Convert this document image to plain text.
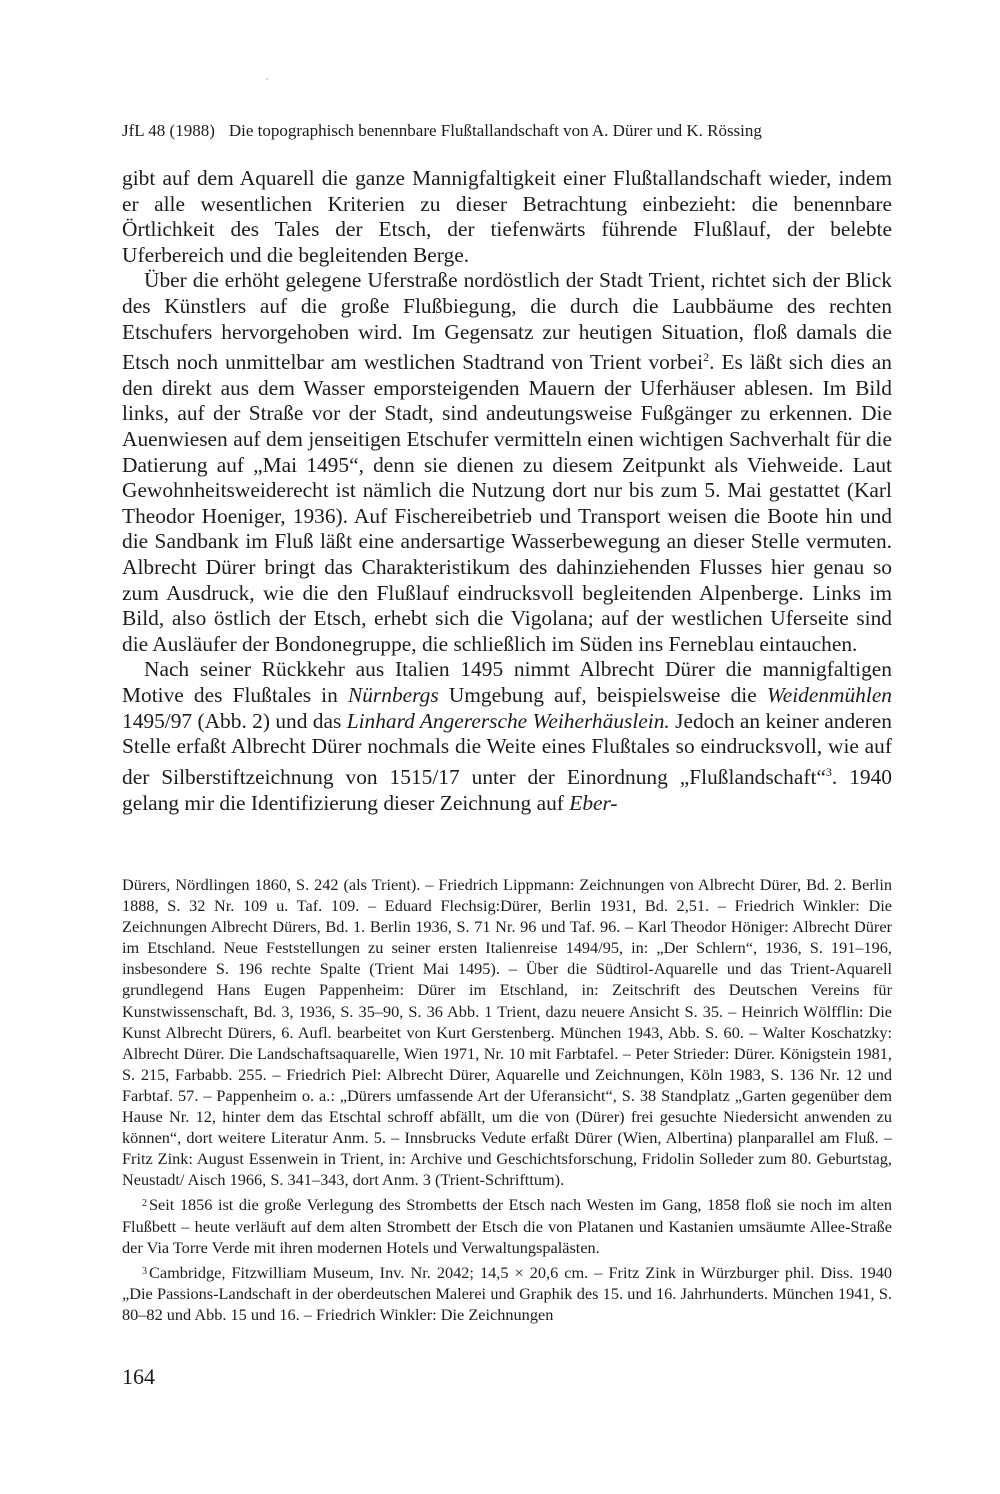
JfL 48 (1988) Die topographisch benennbare Flußtallandschaft von A. Dürer und K. Rössing

gibt auf dem Aquarell die ganze Mannigfaltigkeit einer Flußtallandschaft wieder, indem er alle wesentlichen Kriterien zu dieser Betrachtung einbezieht: die benennbare Örtlichkeit des Tales der Etsch, der tiefenwärts führende Flußlauf, der belebte Uferbereich und die begleitenden Berge.

Über die erhöht gelegene Uferstraße nordöstlich der Stadt Trient, richtet sich der Blick des Künstlers auf die große Flußbiegung, die durch die Laubbäume des rechten Etschufers hervorgehoben wird. Im Gegensatz zur heutigen Situation, floß damals die Etsch noch unmittelbar am westlichen Stadtrand von Trient vorbei$^2$. Es läßt sich dies an den direkt aus dem Wasser emporsteigenden Mauern der Uferhäuser ablesen. Im Bild links, auf der Straße vor der Stadt, sind andeutungsweise Fußgänger zu erkennen. Die Auenwiesen auf dem jenseitigen Etschufer vermitteln einen wichtigen Sachverhalt für die Datierung auf „Mai 1495“, denn sie dienen zu diesem Zeitpunkt als Viehweide. Laut Gewohnheitsweiderecht ist nämlich die Nutzung dort nur bis zum 5. Mai gestattet (Karl Theodor Hoeniger, 1936). Auf Fischereibetrieb und Transport weisen die Boote hin und die Sandbank im Fluß läßt eine andersartige Wasserbewegung an dieser Stelle vermuten. Albrecht Dürer bringt das Charakteristikum des dahinziehenden Flusses hier genau so zum Ausdruck, wie die den Flußlauf eindrucksvoll begleitenden Alpenberge. Links im Bild, also östlich der Etsch, erhebt sich die Vigolana; auf der westlichen Uferseite sind die Ausläufer der Bondonegruppe, die schließlich im Süden ins Ferneblau eintauchen.

Nach seiner Rückkehr aus Italien 1495 nimmt Albrecht Dürer die mannigfaltigen Motive des Flußtales in Nürnbergs Umgebung auf, beispielsweise die Weidenmühlen 1495/97 (Abb. 2) und das Linhard Angerersche Weiherhäuslein. Jedoch an keiner anderen Stelle erfaßt Albrecht Dürer nochmals die Weite eines Flußtales so eindrucksvoll, wie auf der Silberstiftzeichnung von 1515/17 unter der Einordnung „Flußlandschaft“$^3$. 1940 gelang mir die Identifizierung dieser Zeichnung auf Eber-

Dürers, Nördlingen 1860, S. 242 (als Trient). – Friedrich Lippmann: Zeichnungen von Albrecht Dürer, Bd. 2. Berlin 1888, S. 32 Nr. 109 u. Taf. 109. – Eduard Flechsig:Dürer, Berlin 1931, Bd. 2,51. – Friedrich Winkler: Die Zeichnungen Albrecht Dürers, Bd. 1. Berlin 1936, S. 71 Nr. 96 und Taf. 96. – Karl Theodor Höniger: Albrecht Dürer im Etschland. Neue Feststellungen zu seiner ersten Italienreise 1494/95, in: „Der Schlern“, 1936, S. 191–196, insbesondere S. 196 rechte Spalte (Trient Mai 1495). – Über die Südtirol-Aquarelle und das Trient-Aquarell grundlegend Hans Eugen Pappenheim: Dürer im Etschland, in: Zeitschrift des Deutschen Vereins für Kunstwissenschaft, Bd. 3, 1936, S. 35–90, S. 36 Abb. 1 Trient, dazu neuere Ansicht S. 35. – Heinrich Wölfflin: Die Kunst Albrecht Dürers, 6. Aufl. bearbeitet von Kurt Gerstenberg. München 1943, Abb. S. 60. – Walter Koschatzky: Albrecht Dürer. Die Landschaftsaquarelle, Wien 1971, Nr. 10 mit Farbtafel. – Peter Strieder: Dürer. Königstein 1981, S. 215, Farbabb. 255. – Friedrich Piel: Albrecht Dürer, Aquarelle und Zeichnungen, Köln 1983, S. 136 Nr. 12 und Farbtaf. 57. – Pappenheim o. a.: „Dürers umfassende Art der Uferansicht“, S. 38 Standplatz „Garten gegenüber dem Hause Nr. 12, hinter dem das Etschtal schroff abfällt, um die von (Dürer) frei gesuchte Niedersicht anwenden zu können“, dort weitere Literatur Anm. 5. – Innsbrucks Vedute erfaßt Dürer (Wien, Albertina) planparallel am Fluß. – Fritz Zink: August Essenwein in Trient, in: Archive und Geschichtsforschung, Fridolin Solleder zum 80. Geburtstag, Neustadt/ Aisch 1966, S. 341–343, dort Anm. 3 (Trient-Schrifttum).

$^2$ Seit 1856 ist die große Verlegung des Strombetts der Etsch nach Westen im Gang, 1858 floß sie noch im alten Flußbett – heute verläuft auf dem alten Strombett der Etsch die von Platanen und Kastanien umsäumte Allee-Straße der Via Torre Verde mit ihren modernen Hotels und Verwaltungspalästen.

$^3$ Cambridge, Fitzwilliam Museum, Inv. Nr. 2042; 14,5 × 20,6 cm. – Fritz Zink in Würzburger phil. Diss. 1940 „Die Passions-Landschaft in der oberdeutschen Malerei und Graphik des 15. und 16. Jahrhunderts. München 1941, S. 80–82 und Abb. 15 und 16. – Friedrich Winkler: Die Zeichnungen

164
